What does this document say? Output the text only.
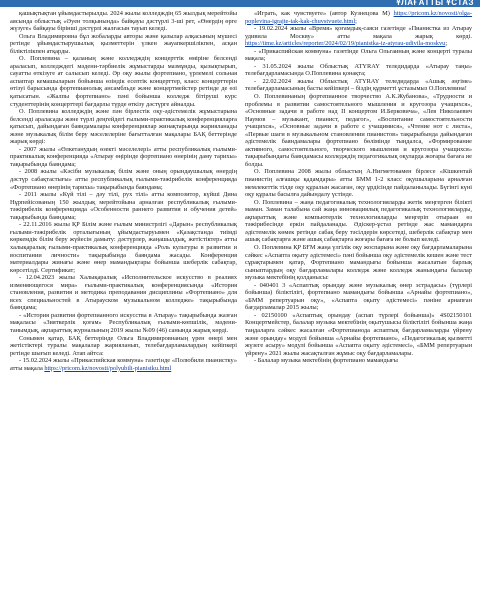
ҰЛАҒАТТЫ ҰСТАЗ

қашықтықтан ұйымдастырылды. 2024 жылы колледждің 65 жылдық мерейтойы аясында облыстық «Әуен толқынында» байқауы дәстүрлі 3-ші рет, «Өнердің өрге жүзуге» байқауы бірінші дәстүрлі жалғасын тауып келеді.

Ольга Владимировна бұл жобаларды авторы және қазылар алқасының мүшесі ретінде ұйымдастырушылық қызметтерін үлкен жауапкершілікпен, асқан біліктілікпен атқарды.

О. Поплевина – қаланың және колледждің концерттік өміріне белсенді араласып, колледждегі мәдени-тәрбиелік жұмыстарды мазмұнды, қызықтырып, сауатты өткізуге ат салысып келеді. Әр оқу жылы фортепиано, үрлемелі сольная аспаптар кемашыларын бойынша өзіндік есептік концерттер, класс концерттерін өтізуі барысында фортепианолық ансамбльде және концертмейстер ретінде де өзі қатысатын. «Жалпы фортепиано» пәні бойынша колледж бітіруші курс студенттерінің концерттері бағдарлы түрде өткізу дәстүрге айналды.

О. Поплевина колледждің және пән бірлестік оқу-әдістемелік жұмыстарына белсенді араласады және түрлі деңгейдегі ғылыми-практикалық конференцияларға қатысып, дайындаған баяндамалары конференциялар жинақтарында жарияланады және музыкалық білім беру мәселелеріне бағытталған мақалары БАҚ беттерінде жарық көрді:

- 2007 жылы «Өлкетанудың өзекті мәселелері» атты республикалық ғылыми-практикалық конференцияда «Атырау өңірінде фортепиано өнерінің даму тарихы» тақырыбында баяндама;

- 2008 жылы «Кәсіби музыкалық білім және оның орындаушылық өнердің дәстүр сабақтастығы» атты республикалық ғылыми-тәжірибелік конференцияда «Фортепиано өнерінің тарихы» тақырыбында баяндама;

- 2011 жылы «Күй тілі – дәу тілі, рух тілі» атты композитор, күйші Дина Нұрпейісованың 150 жылдық мерейтойына арналған республикалық ғылыми-тәжірибелік конференцияда «Особенности раннего развития и обучения детей» тақырыбында баяндама;

- 22.11.2016 жылы ҚР Білім және ғылым министрлігі «Дарын» республикалық ғылыми-тәжірибелік орталығының ұйымдастыруымен «Қазақстанда тиімді көркемдік білім беру жүйесін дамыту: дәстүрлер, жаңашылдық, жетістіктер» атты халықаралық ғылыми-практикалық конференцияда «Роль культуры в развитии и воспитании личности» тақырыбында баяндама жасады. Конференция материалдары жинағы және өнер мамандықтары бойынша шеберлік сабақтар, көрсетілді. Сертификат;

- 12.04.2023 жылы Халықаралық «Исполнительское искусство в реалиях изменяющегося мира» ғылыми-практикалық конференциясында «История становления, развития и методика преподавания дисциплины «Фортепиано» для всех специальностей в Атырауском музыкальном колледже» тақырыбында баяндама;

- «История развития фортепианного искусства в Атырау» тақырыбында жазған мақаласы «Зияткерлік қоғам» Республикалық ғылыми-көпшілік, мәдени-танымдық, ақпараттық журналының 2019 жылы №09 (46) санында жарық көрді.

Сонымен қатар, БАҚ беттерінде Ольга Владимировнаның үрен өнері мен жетістіктері туралы мақалалар жарияланып, телебағдарламалардың кейіпкері ретінде шығып келеді. Атап айтса:

- 15.02.2024 жылы «Прикаспийская коммуна» газетінде «Полюбили пианистку» атты мақала https://pricom.kz/novosti/polyubili-pianistku.html

«Играть, как чувствуете» (автор Кузнецова М) https://pricom.kz/novosti/olga-poplevina-igrajte-tak-kak-chuvstvuete.html;

- 19.02.2024 жылы «Время» қоғамдық-саяси газетінде «Пианистка из Атырау удивила Москву» атты мақала жарық көрді. https://time.kz/articles/reporter/2024/02/19/pianistka-iz-atyrau-udivila-moskvu;

- «Прикаспийская коммуна» газетінде Ольга Ольгаиның және концерті туралы мақала;

- 31.05.2024 жылы Облыстық АТYRAY теледидарда «Атырау таңы» телебағдарламасында О.Поплевина қонақта;

- 22.02.2024 жылы Облыстық АТYRAY теледидарда «Ашық әңгіме» телебағдарламасының басты кейіпкері – біздің құрметті ұстазымыз О.Поплевина!

О. Поплевинаның фортепианное творчество А.К.Жубанова», «Трудности и проблемы в развитии самостоятельного мышления и кругозора учащихся», «Основные задачи в работе над II концертом И.Берковича», «Лев Николаевич Наумов – музыкант, пианист, педагог», «Воспитание самостоятельности учащихся», «Основные задачи в работе с учащимися», «Чтение нот с листа», «Первые шаги в музыкальном становлении пианистов» тақырыбында дайындаған әдістемелік баяндамалары фортепиано бөлімінде тыңдалса, «Формирование активного, самостоятельного, творческого мышления и кругозора учащихся» тақырыбындағы баяндамасы колледждің педагогикалық оқуларда жоғары бағаға ие болды.

О. Поплевина 2008 жылы облыстың А.Нигметовамен бірлесе «Кішкентай пианистің алғашқы қадамдары» атты БММ 1-2 класс оқушыларына арналған мемлекеттік тілде оқу құралын жасаған, оқу ұрдісінде пайдаланылады. Бүгінгі күні оқу құралы басылға дайындалу үстінде.

О. Поплевина – жаңа педагогикалық технологияларды жетік меңгерген білікті маман. Заман талабына сай жаңа инновациялық педагогикалық технологияларды, ақпараттық және компьютерлік технологияларды меңгеріп отыраан өз тәжірибесінде еркін пайдаланады. Әдіскер-ұстаз ретінде жас мамандарға әдістемелік көмек ретінде сабақ беру тәсілдерін көрсетеді, шеберлік сабақтар мен ашық сабақтарға және ашық сабақтарға жоғары бағаға ие болып келеді.

О. Поплевина ҚР БҒМ жаңа үлгілік оқу жоспарына және оқу бағдарламаларына сәйкес «Аспапта оқыту әдістемесі» пәні бойынша оқу әдістемелік кешен және тест сұрақтарымен қатар, Фортепиано мамандығы бойынша жасалатын барлық сыныптардың оқу бағдарламалары колледж және колледж жанындағы балалар музыка мектебінің қолданысы:

- 040401 3 «Аспаптық орындау және музыкалық өнер эстрадасы» (түрлері бойынша) біліктілігі, фортепиано мамандығы бойынша «Арнайы фортепиано», «БММ репертуарын оқу», «Аспапта оқыту әдістемесі» пәніне арнапған бағдарламалар 2015 жылы;

- 02150100 «Аспаптық орындау (аспап түрлері бойынша)» 4S02150101 Концертмейстер, балалар музыка мектебінің оқытушысы біліктілігі бойынша жаңа таңдаларға сәйкес жасалған «Фортепианода аспаптық бағдарламаларды үйрену және орындау» модулі бойынша «Арнайы фортепиано», «Педагогикалық қызметті жүзеге асыру» модулі бойынша «Аспапта оқыту әдістемесі», «БММ репертуарын үйрену» 2021 жылы жасақталған жұмыс оқу бағдарламалары.

- Балалар музыка мектебінің фортепиано мамандығы
